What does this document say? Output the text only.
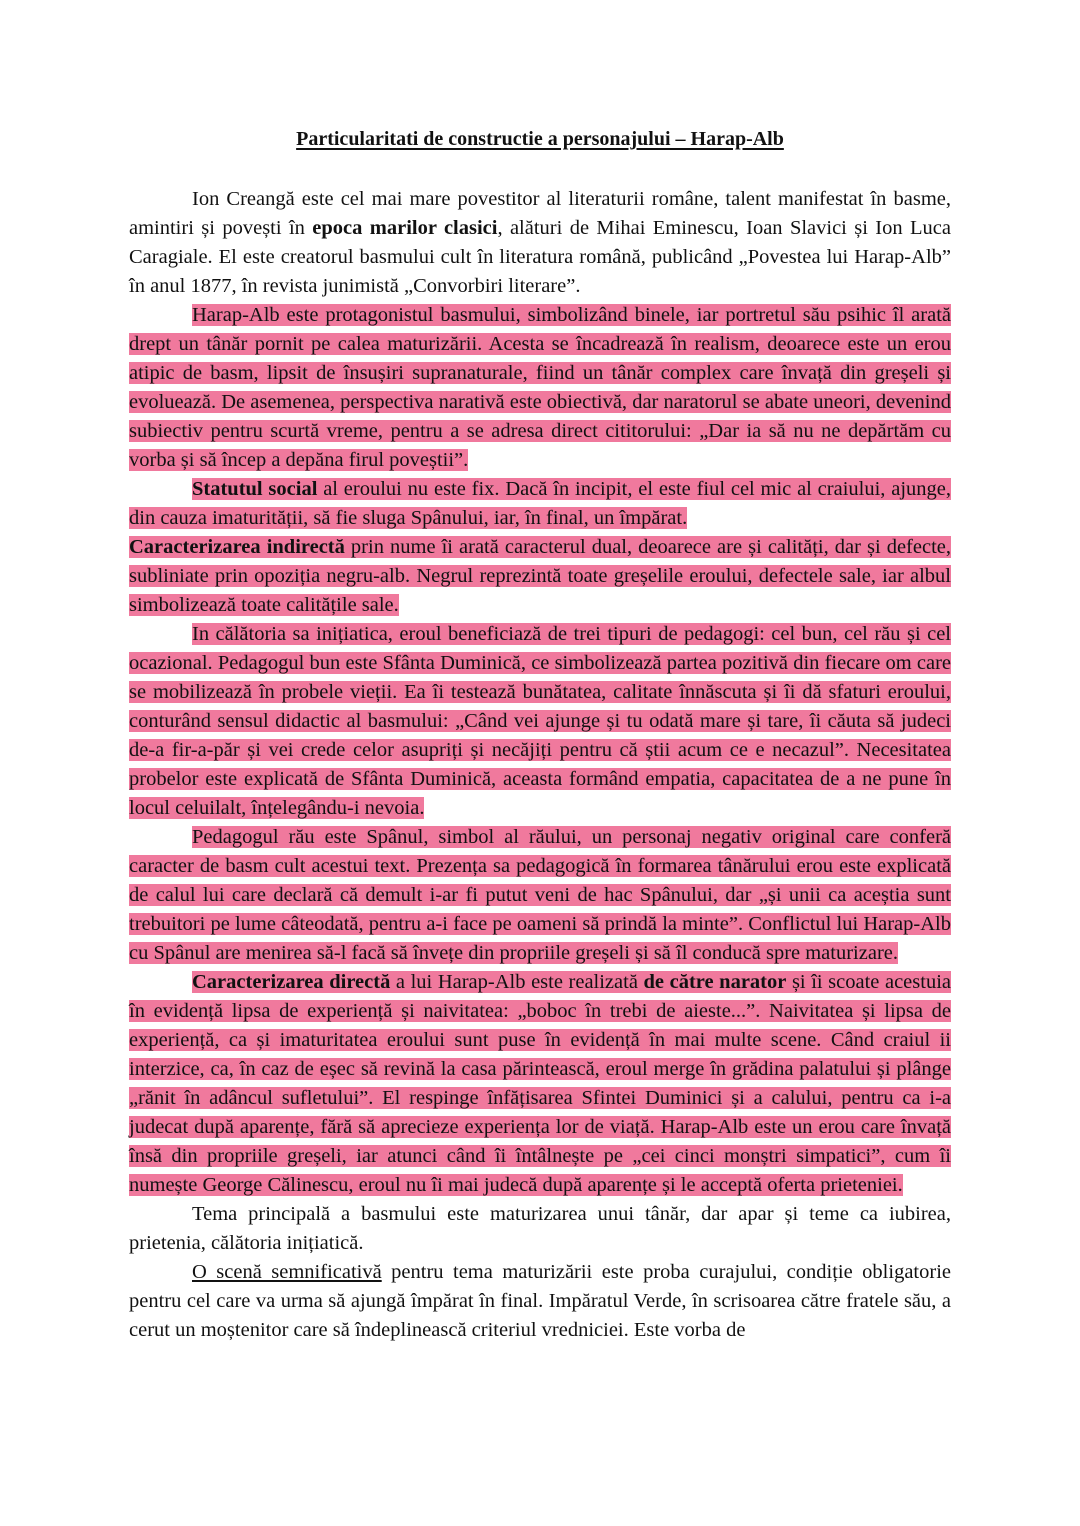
Particularitati de constructie a personajului – Harap-Alb

Ion Creangă este cel mai mare povestitor al literaturii române, talent manifestat în basme, amintiri și povești în epoca marilor clasici, alături de Mihai Eminescu, Ioan Slavici și Ion Luca Caragiale. El este creatorul basmului cult în literatura română, publicând „Povestea lui Harap-Alb” în anul 1877, în revista junimistă „Convorbiri literare”.

Harap-Alb este protagonistul basmului, simbolizând binele, iar portretul său psihic îl arată drept un tânăr pornit pe calea maturizării. Acesta se încadrează în realism, deoarece este un erou atipic de basm, lipsit de însușiri supranaturale, fiind un tânăr complex care învață din greșeli și evoluează. De asemenea, perspectiva narativă este obiectivă, dar naratorul se abate uneori, devenind subiectiv pentru scurtă vreme, pentru a se adresa direct cititorului: „Dar ia să nu ne depărtăm cu vorba și să încep a depăna firul poveștii”.

Statutul social al eroului nu este fix. Dacă în incipit, el este fiul cel mic al craiului, ajunge, din cauza imaturității, să fie sluga Spânului, iar, în final, un împărat.

Caracterizarea indirectă prin nume îi arată caracterul dual, deoarece are și calități, dar și defecte, subliniate prin opoziția negru-alb. Negrul reprezintă toate greșelile eroului, defectele sale, iar albul simbolizează toate calitățile sale.

In călătoria sa inițiatica, eroul beneficiază de trei tipuri de pedagogi: cel bun, cel rău și cel ocazional. Pedagogul bun este Sfânta Duminică, ce simbolizează partea pozitivă din fiecare om care se mobilizează în probele vieții. Ea îi testează bunătatea, calitate înnăscuta și îi dă sfaturi eroului, conturând sensul didactic al basmului: „Când vei ajunge și tu odată mare și tare, îi căuta să judeci de-a fir-a-păr și vei crede celor asupriți și necăjiți pentru că știi acum ce e necazul”. Necesitatea probelor este explicată de Sfânta Duminică, aceasta formând empatia, capacitatea de a ne pune în locul celuilalt, înțelegându-i nevoia.

Pedagogul rău este Spânul, simbol al răului, un personaj negativ original care conferă caracter de basm cult acestui text. Prezența sa pedagogică în formarea tânărului erou este explicată de calul lui care declară că demult i-ar fi putut veni de hac Spânului, dar „și unii ca aceștia sunt trebuitori pe lume câteodată, pentru a-i face pe oameni să prindă la minte”. Conflictul lui Harap-Alb cu Spânul are menirea să-l facă să învețe din propriile greșeli și să îl conducă spre maturizare.

Caracterizarea directă a lui Harap-Alb este realizată de către narator și îi scoate acestuia în evidență lipsa de experiență și naivitatea: „boboc în trebi de aieste...”. Naivitatea și lipsa de experiență, ca și imaturitatea eroului sunt puse în evidență în mai multe scene. Când craiul ii interzice, ca, în caz de eșec să revină la casa părintească, eroul merge în grădina palatului și plânge „rănit în adâncul sufletului”. El respinge înfățisarea Sfintei Duminici și a calului, pentru ca i-a judecat după aparențe, fără să aprecieze experiența lor de viață. Harap-Alb este un erou care învață însă din propriile greșeli, iar atunci când îi întâlnește pe „cei cinci monștri simpatici”, cum îi numește George Călinescu, eroul nu îi mai judecă după aparențe și le acceptă oferta prieteniei.

Tema principală a basmului este maturizarea unui tânăr, dar apar și teme ca iubirea, prietenia, călătoria inițiatică.

O scenă semnificativă pentru tema maturizării este proba curajului, condiție obligatorie pentru cel care va urma să ajungă împărat în final. Impăratul Verde, în scrisoarea către fratele său, a cerut un moștenitor care să îndeplinească criteriul vredniciei. Este vorba de
